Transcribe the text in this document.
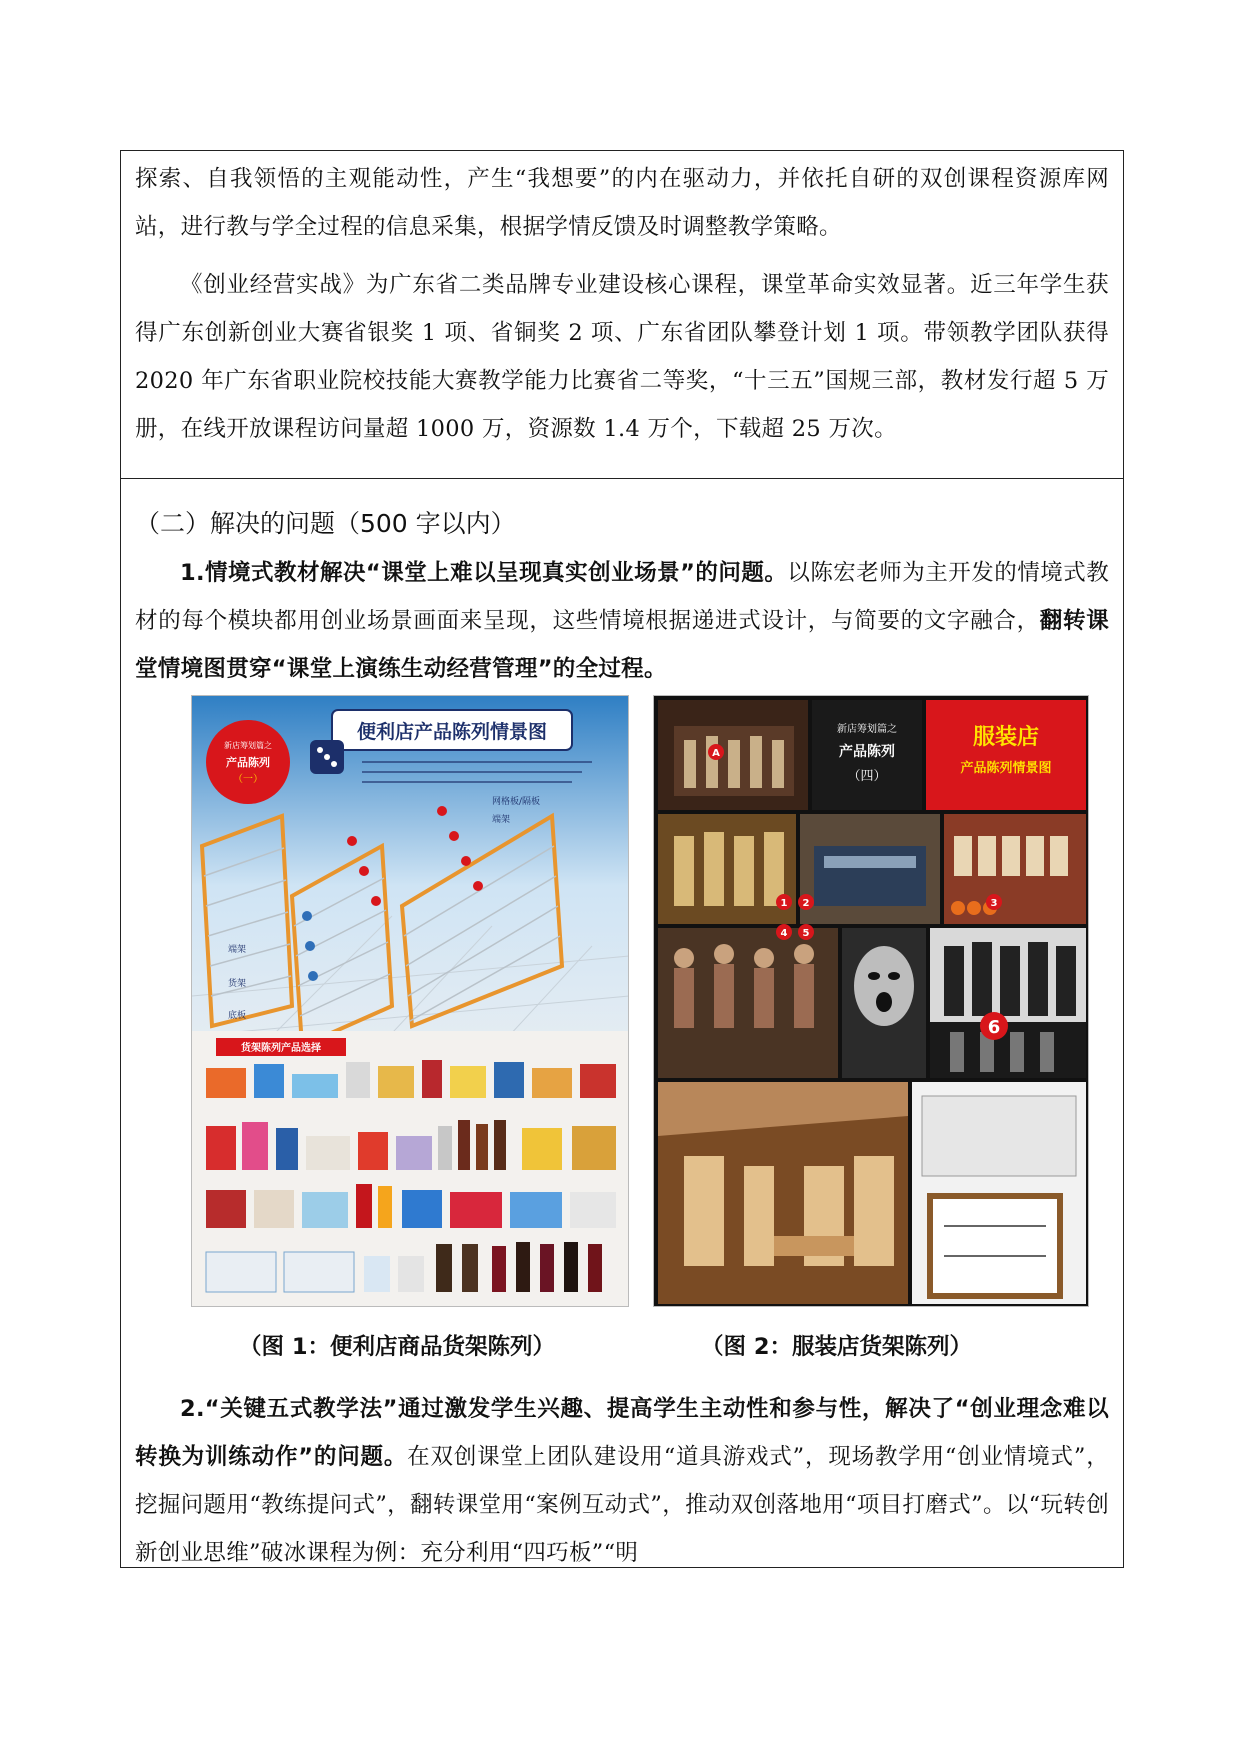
探索、自我领悟的主观能动性，产生“我想要”的内在驱动力，并依托自研的双创课程资源库网站，进行教与学全过程的信息采集，根据学情反馈及时调整教学策略。

《创业经营实战》为广东省二类品牌专业建设核心课程，课堂革命实效显著。近三年学生获得广东创新创业大赛省银奖 1 项、省铜奖 2 项、广东省团队攀登计划 1 项。带领教学团队获得 2020 年广东省职业院校技能大赛教学能力比赛省二等奖，“十三五”国规三部，教材发行超 5 万册，在线开放课程访问量超 1000 万，资源数 1.4 万个，下载超 25 万次。

（二）解决的问题（500 字以内）

1.情境式教材解决“课堂上难以呈现真实创业场景”的问题。以陈宏老师为主开发的情境式教材的每个模块都用创业场景画面来呈现，这些情境根据递进式设计，与简要的文字融合，翻转课堂情境图贯穿“课堂上演练生动经营管理”的全过程。

便利店产品陈列情景图
新店筹划篇之
产品陈列
（一）
网格板/隔板
端架
端架
货架
底板
货架陈列产品选择
新店筹划篇之
产品陈列
（四）
服装店
产品陈列情景图
A
1 2	3
4 5
6
（图 1：便利店商品货架陈列）	（图 2：服装店货架陈列）

2.“关键五式教学法”通过激发学生兴趣、提高学生主动性和参与性，解决了“创业理念难以转换为训练动作”的问题。在双创课堂上团队建设用“道具游戏式”，现场教学用“创业情境式”，挖掘问题用“教练提问式”，翻转课堂用“案例互动式”，推动双创落地用“项目打磨式”。以“玩转创新创业思维”破冰课程为例：充分利用“四巧板”“明
